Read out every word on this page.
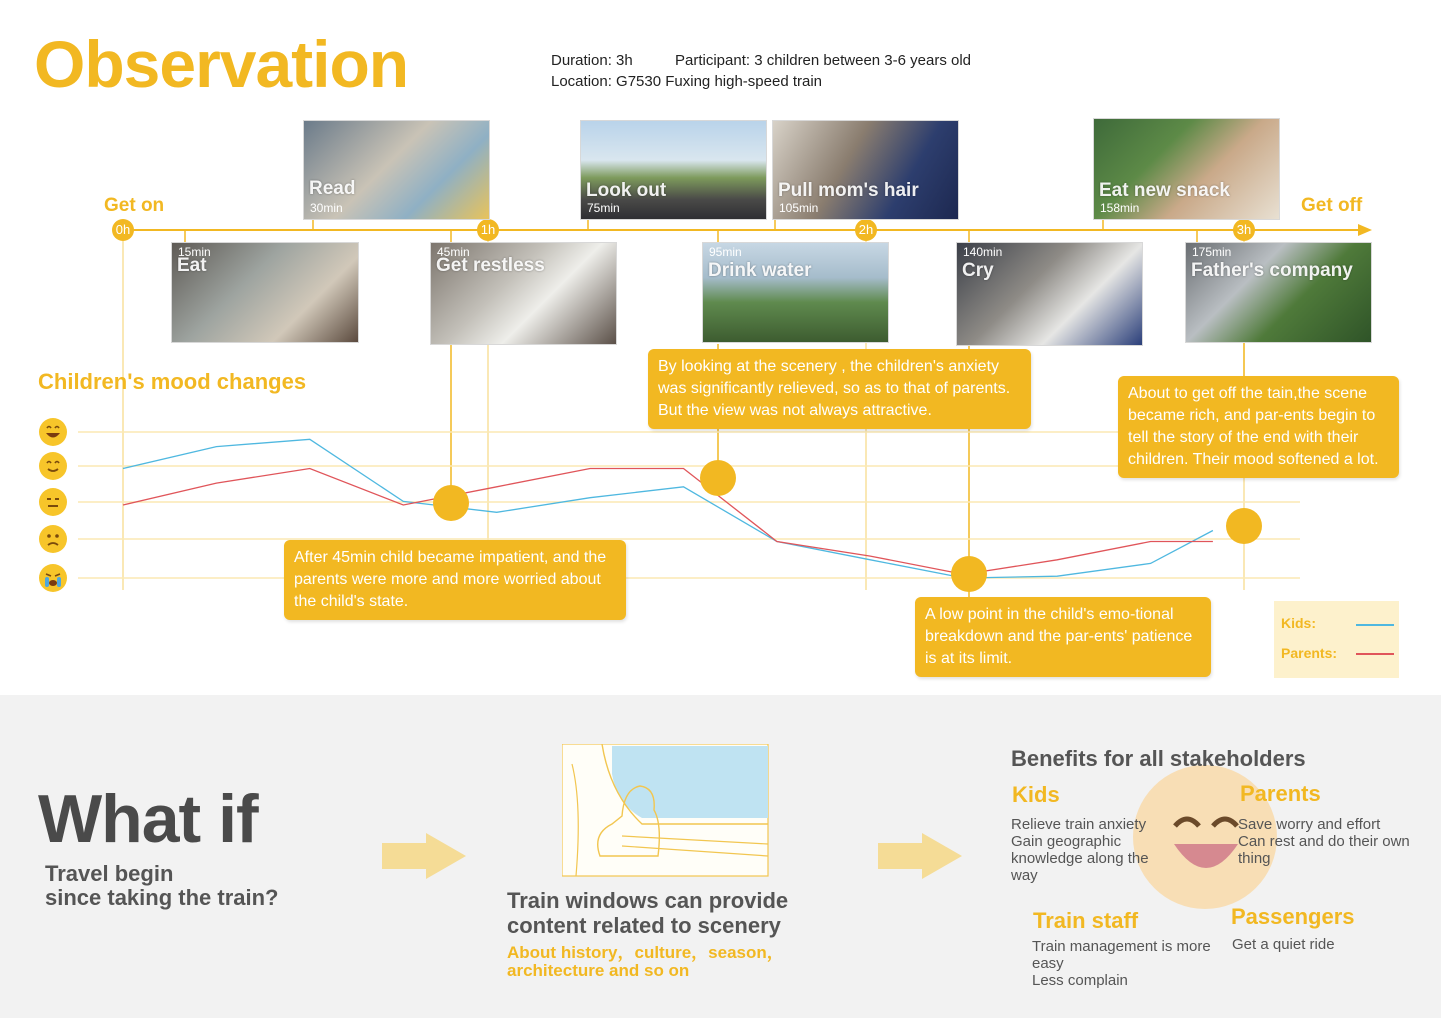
Observation	Duration: 3h	Participant: 3 children between 3-6 years old
Location: G7530 Fuxing high-speed train
0h	1h	2h	3h
Get on	Get off
Read
30min
Look out
75min
Pull mom's hair
105min
Eat new snack
158min
15min
Eat
45min
Get restless
95min
Drink water
140min
Cry
175min
Father's company
Children's mood changes
After 45min child became impatient, and the parents were more and more worried about the child's state.
By looking at the scenery , the children's anxiety was significantly relieved, so as to that of parents.
But the view was not always attractive.
A low point in the child's emo-tional breakdown and the par-ents' patience is at its limit.
About to get off the tain,the scene became rich, and par-ents begin to tell the story of the end with their children. Their mood softened a lot.
Kids:
Parents:
What if
Travel begin
since taking the train?	Train windows can provide content related to scenery
About history，culture，season，architecture and so on
Benefits for all stakeholders
Kids
Relieve train anxiety
Gain geographic knowledge along the way
Parents
Save worry and effort
Can rest and do their own thing
Train staff
Train management is more easy
Less complain
Passengers
Get a quiet ride
